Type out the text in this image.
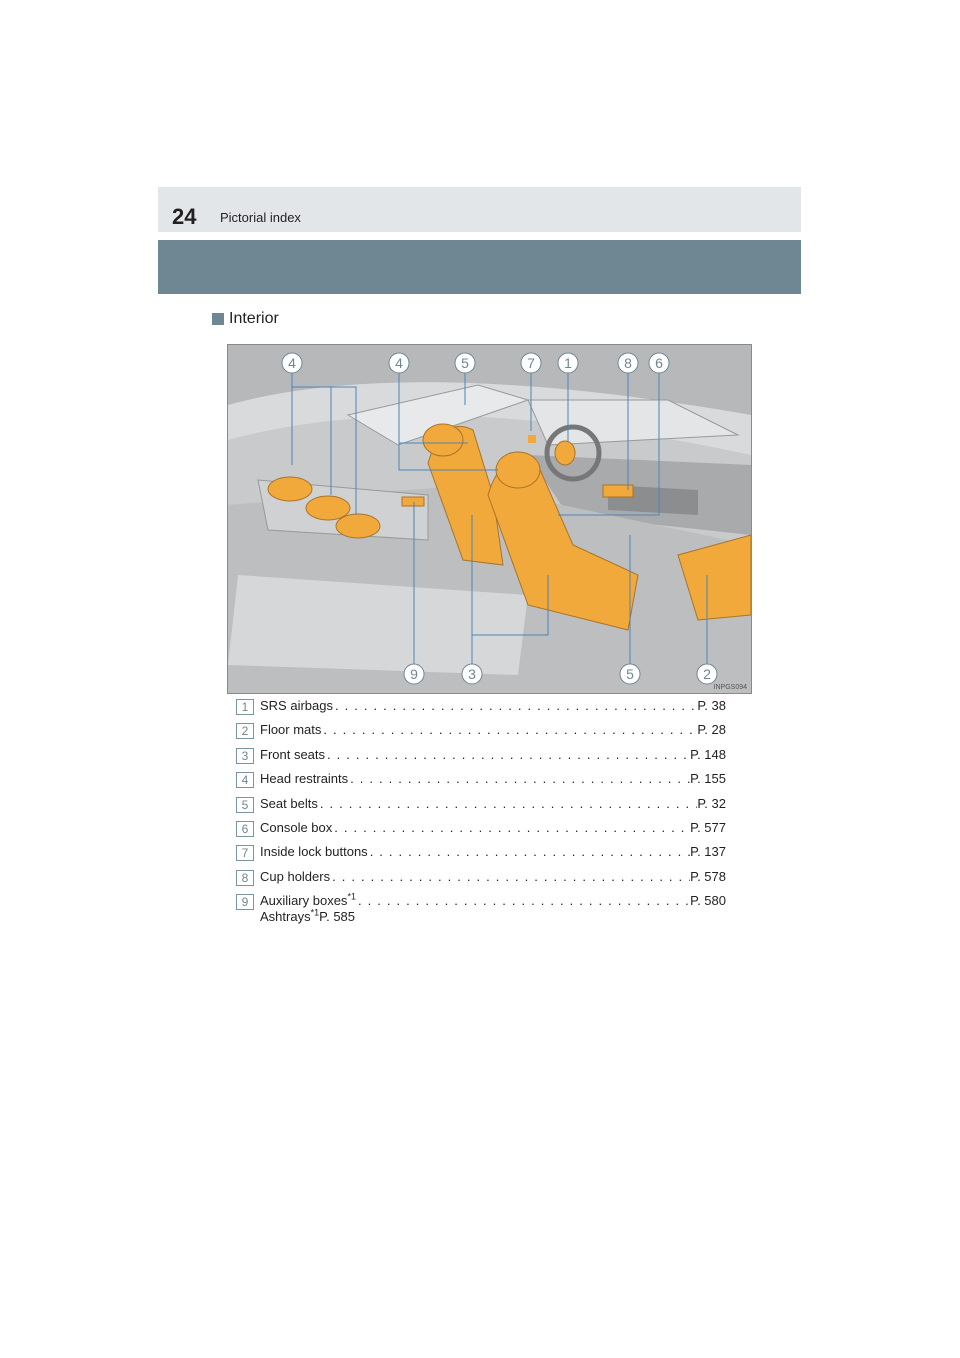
24 Pictorial index
Interior
4	4	5	7 1	8 6
9	3	5	2
INPGS094
1 SRS airbags . . .	P. 38
2 Floor mats . . .	P. 28
3 Front seats . . .	P. 148
4 Head restraints . . .	P. 155
5 Seat belts . . .	P. 32
6 Console box . . .	P. 577
7 Inside lock buttons . . .	P. 137
8 Cup holders . . .	P. 578
9 Auxiliary boxes$^{*1}$ . . .	P. 580
Ashtrays$^{*1}$ P. 585
